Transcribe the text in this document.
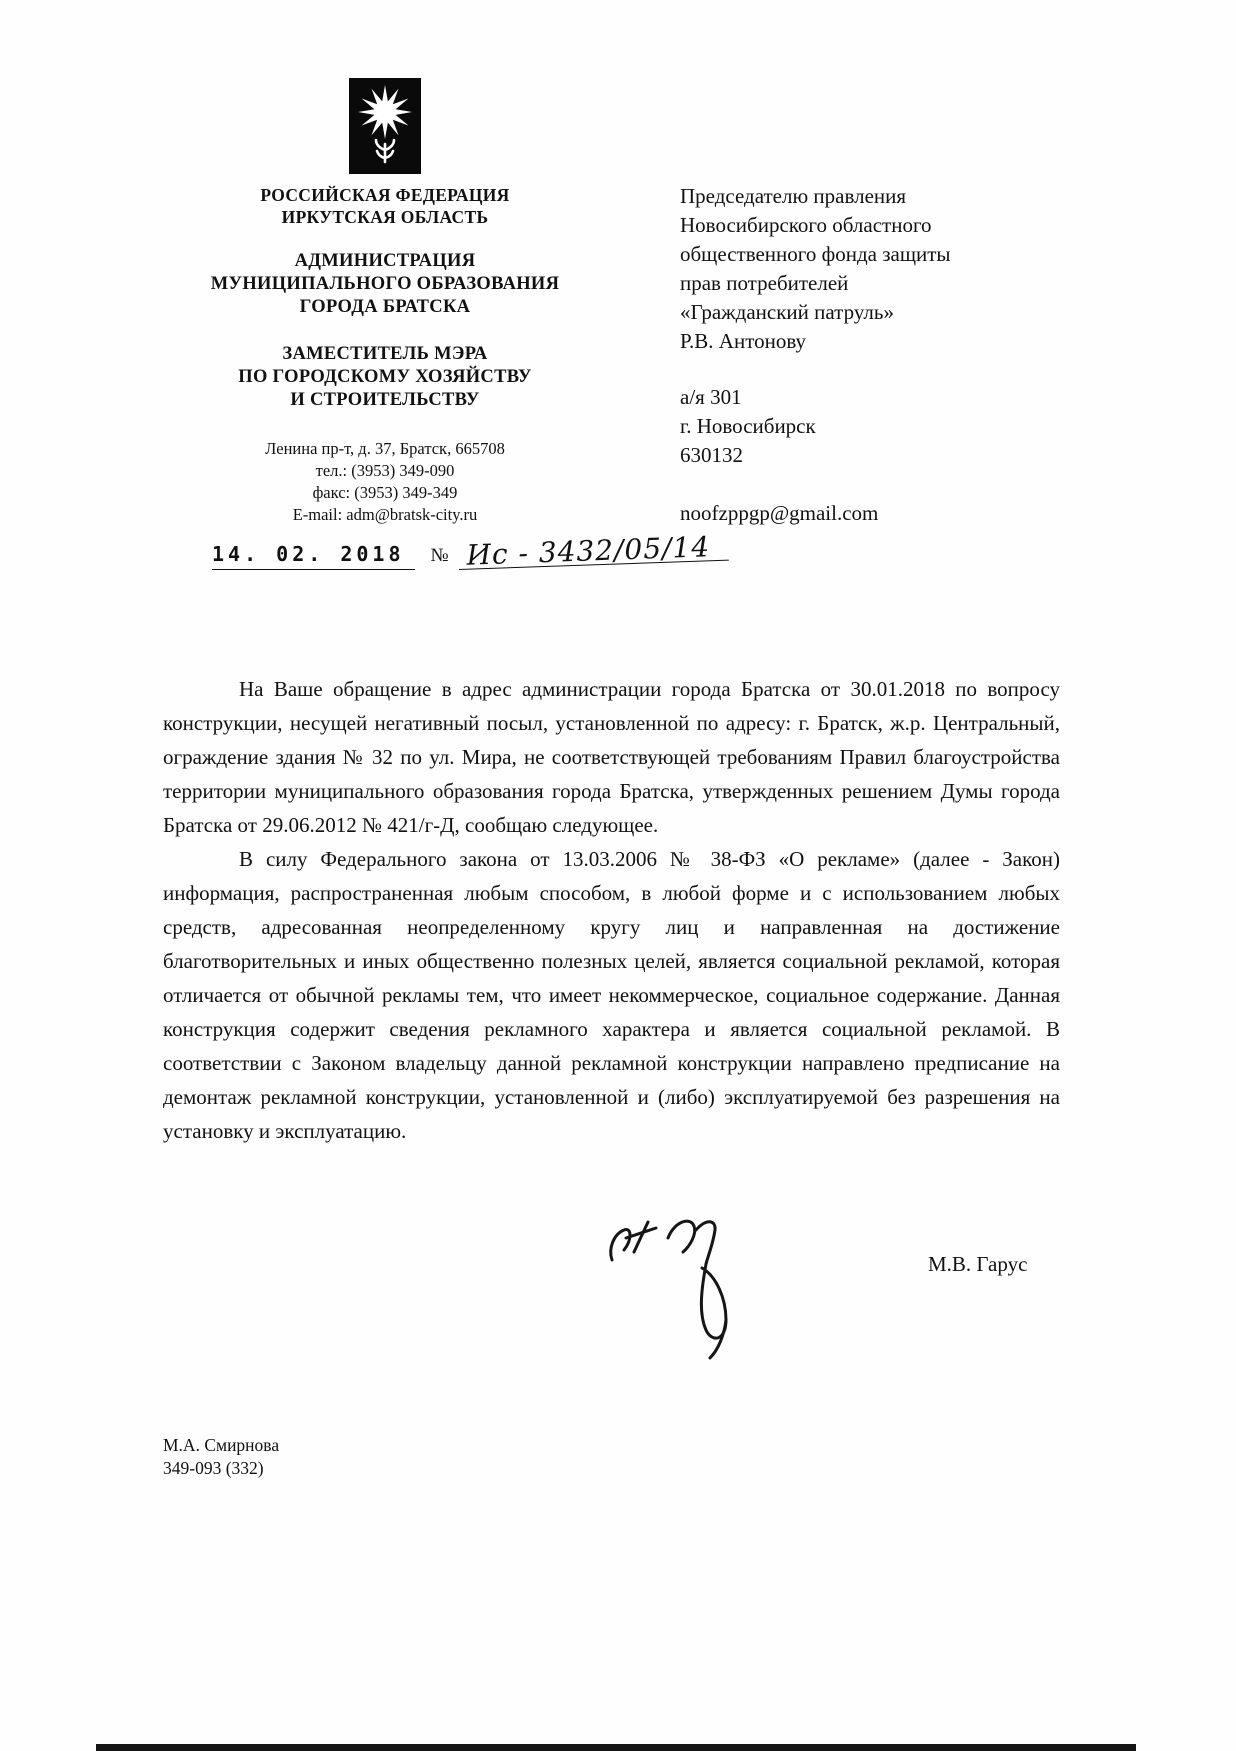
РОССИЙСКАЯ ФЕДЕРАЦИЯ
ИРКУТСКАЯ ОБЛАСТЬ
АДМИНИСТРАЦИЯ
МУНИЦИПАЛЬНОГО ОБРАЗОВАНИЯ
ГОРОДА БРАТСКА
ЗАМЕСТИТЕЛЬ МЭРА
ПО ГОРОДСКОМУ ХОЗЯЙСТВУ
И СТРОИТЕЛЬСТВУ
Ленина пр-т, д. 37, Братск, 665708
тел.: (3953) 349-090
факс: (3953) 349-349
E-mail: adm@bratsk-city.ru
14. 02. 2018	№ Ис - 3432/05/14
Председателю правления
Новосибирского областного
общественного фонда защиты
прав потребителей
«Гражданский патруль»
Р.В. Антонову
а/я 301
г. Новосибирск
630132
noofzppgp@gmail.com

На Ваше обращение в адрес администрации города Братска от 30.01.2018 по вопросу конструкции, несущей негативный посыл, установленной по адресу: г. Братск, ж.р. Центральный, ограждение здания № 32 по ул. Мира, не соответствующей требованиям Правил благоустройства территории муниципального образования города Братска, утвержденных решением Думы города Братска от 29.06.2012 № 421/г-Д, сообщаю следующее.

В силу Федерального закона от 13.03.2006 № 38-ФЗ «О рекламе» (далее - Закон) информация, распространенная любым способом, в любой форме и с использованием любых средств, адресованная неопределенному кругу лиц и направленная на достижение благотворительных и иных общественно полезных целей, является социальной рекламой, которая отличается от обычной рекламы тем, что имеет некоммерческое, социальное содержание. Данная конструкция содержит сведения рекламного характера и является социальной рекламой. В соответствии с Законом владельцу данной рекламной конструкции направлено предписание на демонтаж рекламной конструкции, установленной и (либо) эксплуатируемой без разрешения на установку и эксплуатацию.

М.В. Гарус
М.А. Смирнова
349-093 (332)
